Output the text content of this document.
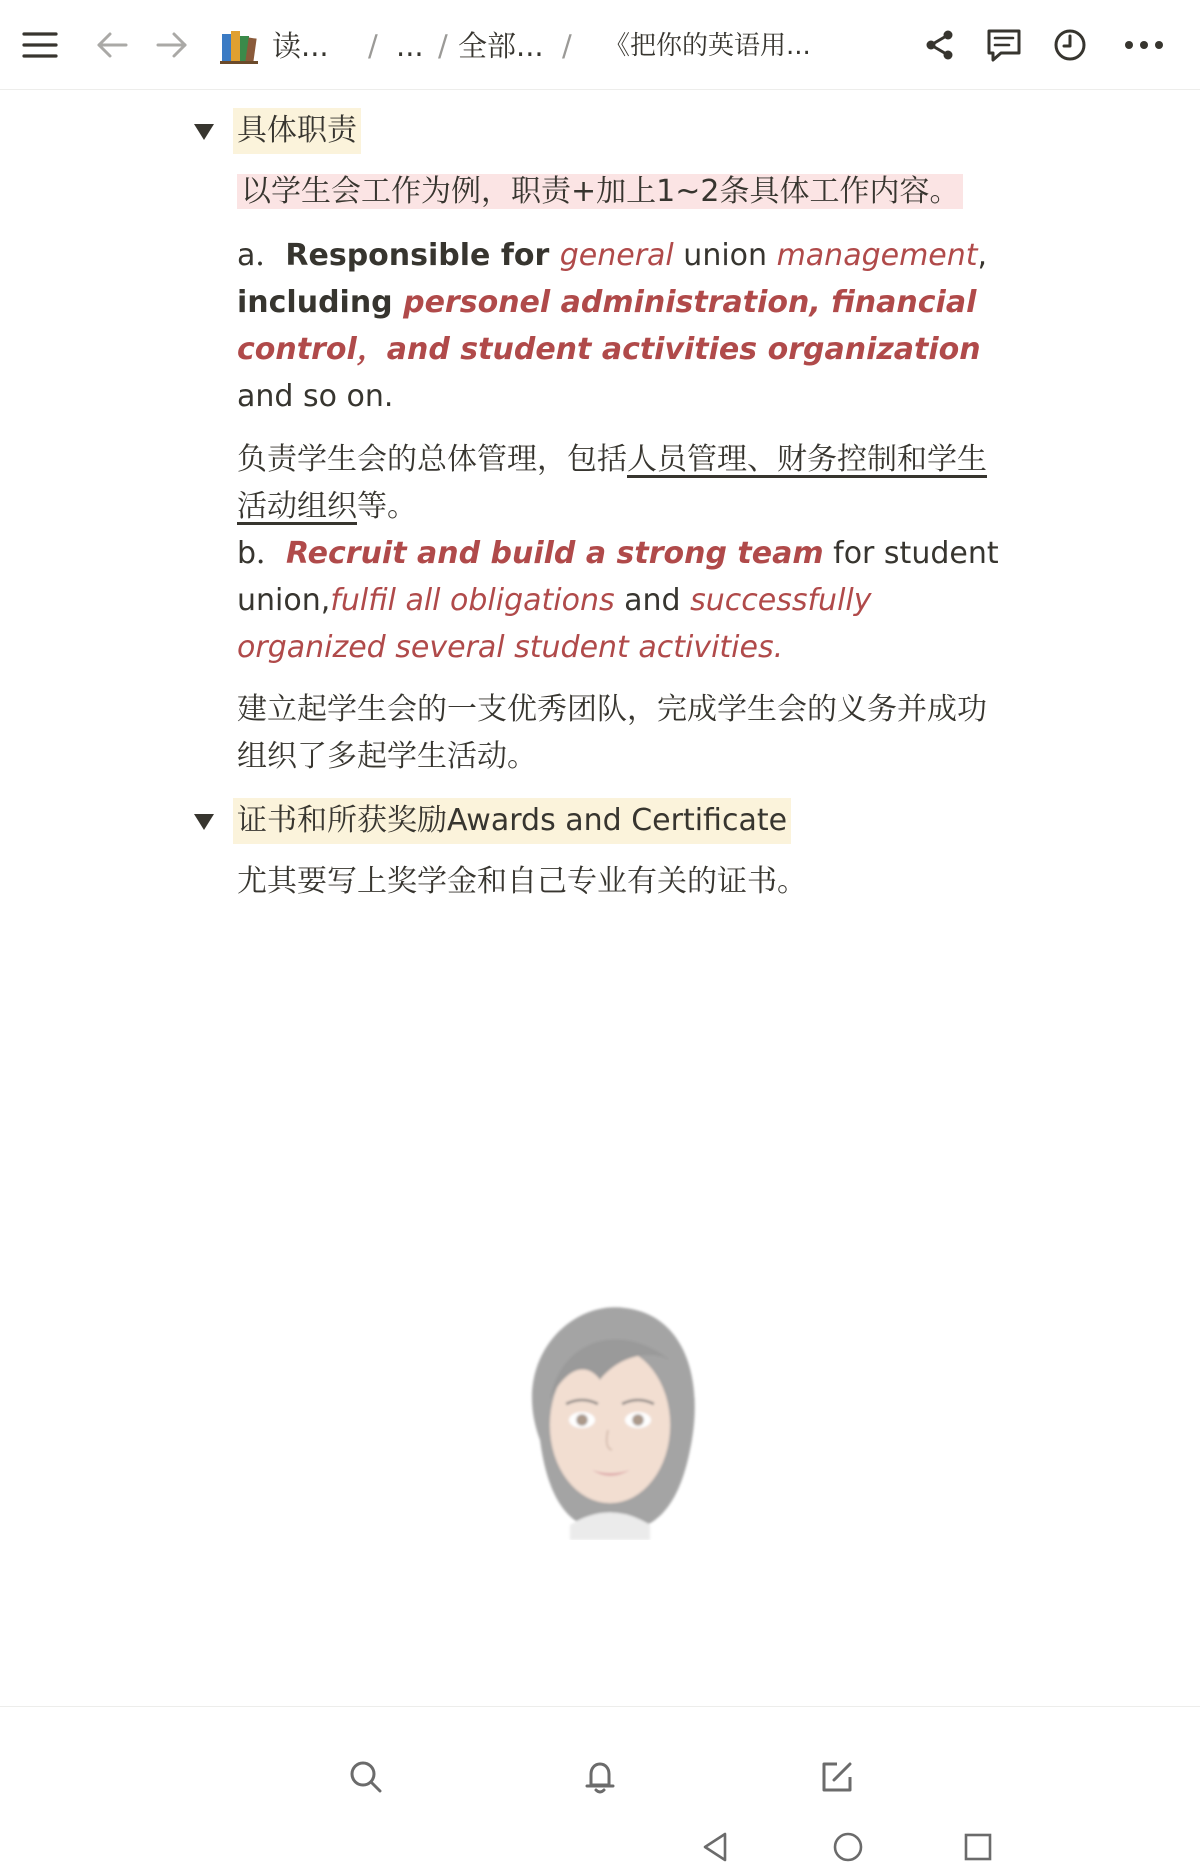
读... / ... / 全部... / 《把你的英语用...
具体职责
以学生会工作为例，职责+加上1~2条具体工作内容。
a．Responsible for general union management, including personel administration, financial control，and student activities organization and so on.
负责学生会的总体管理，包括人员管理、财务控制和学生活动组织等。
b．Recruit and build a strong team for student union,fulfil all obligations and successfully organized several student activities.
建立起学生会的一支优秀团队，完成学生会的义务并成功组织了多起学生活动。
证书和所获奖励Awards and Certificate
尤其要写上奖学金和自己专业有关的证书。
